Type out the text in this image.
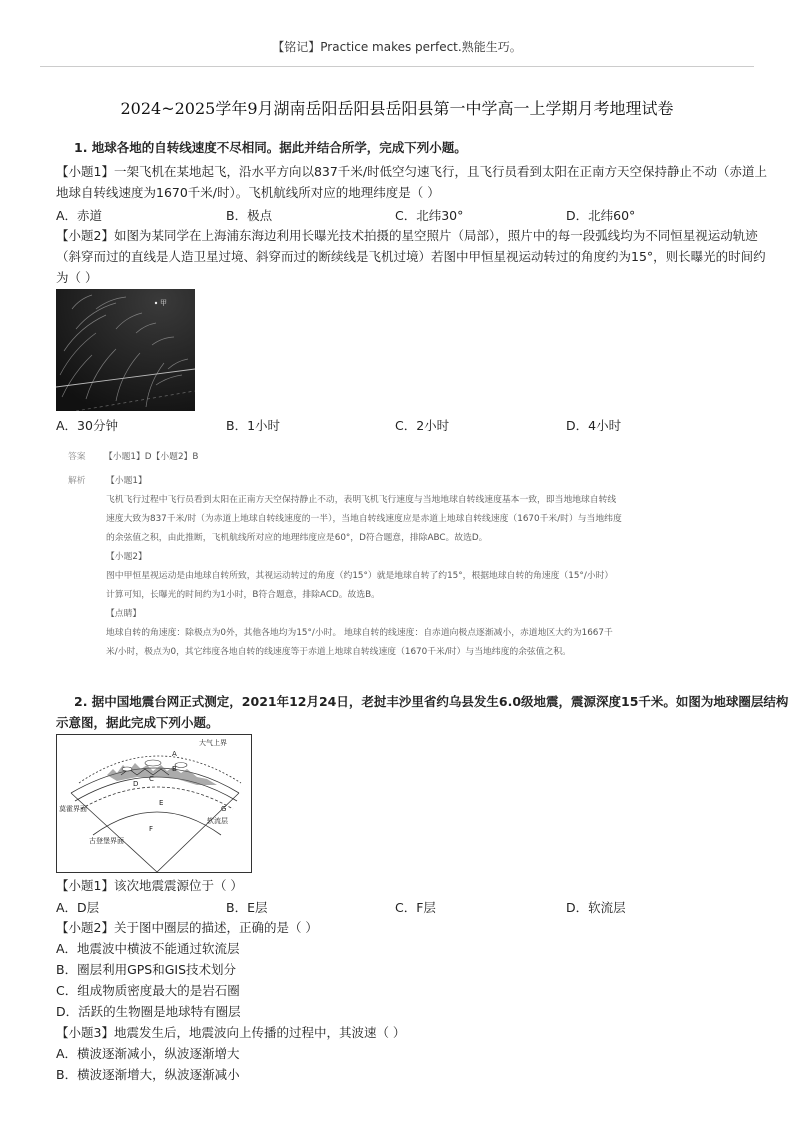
【铭记】Practice makes perfect.熟能生巧。
2024~2025学年9月湖南岳阳岳阳县岳阳县第一中学高一上学期月考地理试卷
1. 地球各地的自转线速度不尽相同。据此并结合所学，完成下列小题。
【小题1】一架飞机在某地起飞，沿水平方向以837千米/时低空匀速飞行，且飞行员看到太阳在正南方天空保持静止不动（赤道上
地球自转线速度为1670千米/时）。飞机航线所对应的地理纬度是（ ）
A．赤道	B．极点	C．北纬30°	D．北纬60°
【小题2】如图为某同学在上海浦东海边利用长曝光技术拍摄的星空照片（局部），照片中的每一段弧线均为不同恒星视运动轨迹
（斜穿而过的直线是人造卫星过境、斜穿而过的断续线是飞机过境）若图中甲恒星视运动转过的角度约为15°，则长曝光的时间约
为（ ）
甲
A．30分钟	B．1小时	C．2小时	D．4小时
答案 【小题1】D【小题2】B
解析 【小题1】
飞机飞行过程中飞行员看到太阳在正南方天空保持静止不动，表明飞机飞行速度与当地地球自转线速度基本一致，即当地地球自转线
速度大致为837千米/时（为赤道上地球自转线速度的一半），当地自转线速度应是赤道上地球自转线速度（1670千米/时）与当地纬度
的余弦值之积，由此推断，飞机航线所对应的地理纬度应是60°，D符合题意，排除ABC。故选D。
【小题2】
图中甲恒星视运动是由地球自转所致，其视运动转过的角度（约15°）就是地球自转了约15°，根据地球自转的角速度（15°/小时）
计算可知，长曝光的时间约为1小时，B符合题意，排除ACD。故选B。
【点睛】
地球自转的角速度：除极点为0外，其他各地均为15°/小时。 地球自转的线速度：自赤道向极点逐渐减小，赤道地区大约为1667千
米/小时，极点为0，其它纬度各地自转的线速度等于赤道上地球自转线速度（1670千米/时）与当地纬度的余弦值之积。
2. 据中国地震台网正式测定，2021年12月24日，老挝丰沙里省约乌县发生6.0级地震，震源深度15千米。如图为地球圈层结构
示意图，据此完成下列小题。
大气上界
A
B
C
D
E
F
G
莫霍界面
软流层
古登堡界面
【小题1】该次地震震源位于（ ）
A．D层	B．E层	C．F层	D．软流层
【小题2】关于图中圈层的描述，正确的是（ ）
A．地震波中横波不能通过软流层
B．圈层利用GPS和GIS技术划分
C．组成物质密度最大的是岩石圈
D．活跃的生物圈是地球特有圈层
【小题3】地震发生后，地震波向上传播的过程中，其波速（ ）
A．横波逐渐减小，纵波逐渐增大
B．横波逐渐增大，纵波逐渐减小
